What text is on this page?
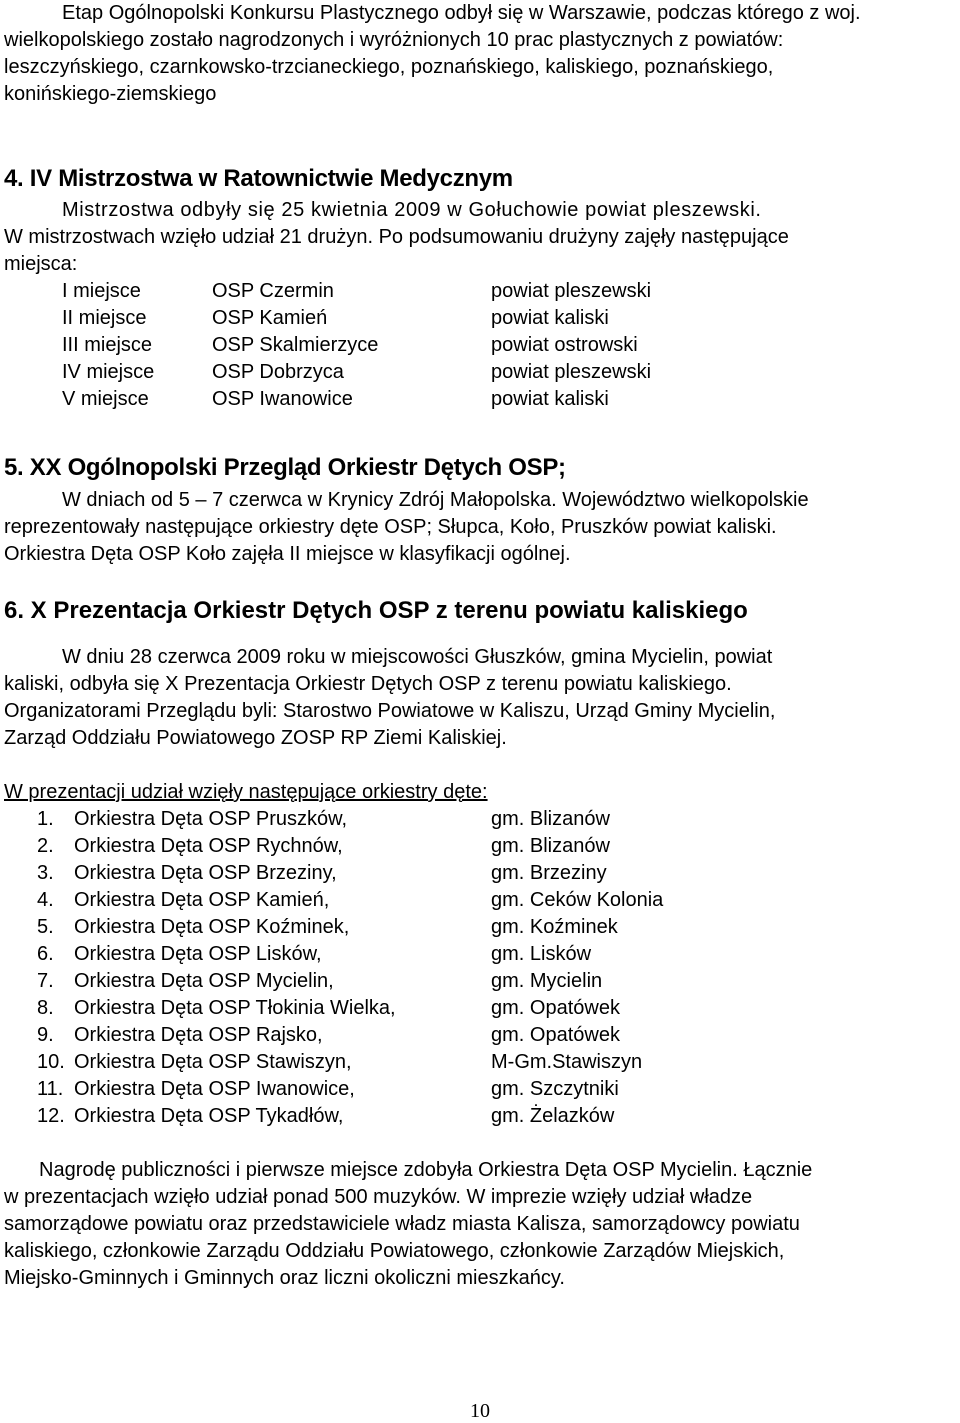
Etap Ogólnopolski Konkursu Plastycznego odbył się w Warszawie, podczas którego z woj.
wielkopolskiego zostało nagrodzonych i wyróżnionych 10 prac plastycznych z powiatów:
leszczyńskiego, czarnkowsko-trzcianeckiego, poznańskiego, kaliskiego, poznańskiego,
konińskiego-ziemskiego
4. IV Mistrzostwa w Ratownictwie Medycznym
Mistrzostwa odbyły się 25 kwietnia 2009 w Gołuchowie powiat pleszewski.
W mistrzostwach wzięło udział 21 drużyn. Po podsumowaniu drużyny zajęły następujące
miejsca:
I miejsce	OSP Czermin	powiat pleszewski
II miejsce	OSP Kamień	powiat kaliski
III miejsce	OSP Skalmierzyce	powiat ostrowski
IV miejsce	OSP Dobrzyca	powiat pleszewski
V miejsce	OSP Iwanowice	powiat kaliski
5. XX Ogólnopolski Przegląd Orkiestr Dętych OSP;
W dniach od 5 – 7 czerwca w Krynicy Zdrój Małopolska. Województwo wielkopolskie
reprezentowały następujące orkiestry dęte OSP; Słupca, Koło, Pruszków powiat kaliski.
Orkiestra Dęta OSP Koło zajęła II miejsce w klasyfikacji ogólnej.
6. X Prezentacja Orkiestr Dętych OSP z terenu powiatu kaliskiego
W dniu 28 czerwca 2009 roku w miejscowości Głuszków, gmina Mycielin, powiat
kaliski, odbyła się X Prezentacja Orkiestr Dętych OSP z terenu powiatu kaliskiego.
Organizatorami Przeglądu byli: Starostwo Powiatowe w Kaliszu, Urząd Gminy Mycielin,
Zarząd Oddziału Powiatowego ZOSP RP Ziemi Kaliskiej.
W prezentacji udział wzięły następujące orkiestry dęte:
1. Orkiestra Dęta OSP Pruszków,	gm. Blizanów
2. Orkiestra Dęta OSP Rychnów,	gm. Blizanów
3. Orkiestra Dęta OSP Brzeziny,	gm. Brzeziny
4. Orkiestra Dęta OSP Kamień,	gm. Ceków Kolonia
5. Orkiestra Dęta OSP Koźminek,	gm. Koźminek
6. Orkiestra Dęta OSP Lisków,	gm. Lisków
7. Orkiestra Dęta OSP Mycielin,	gm. Mycielin
8. Orkiestra Dęta OSP Tłokinia Wielka,	gm. Opatówek
9. Orkiestra Dęta OSP Rajsko,	gm. Opatówek
10. Orkiestra Dęta OSP Stawiszyn,	M-Gm.Stawiszyn
11. Orkiestra Dęta OSP Iwanowice,	gm. Szczytniki
12. Orkiestra Dęta OSP Tykadłów,	gm. Żelazków
Nagrodę publiczności i pierwsze miejsce zdobyła Orkiestra Dęta OSP Mycielin. Łącznie
w prezentacjach wzięło udział ponad 500 muzyków. W imprezie wzięły udział władze
samorządowe powiatu oraz przedstawiciele władz miasta Kalisza, samorządowcy powiatu
kaliskiego, członkowie Zarządu Oddziału Powiatowego, członkowie Zarządów Miejskich,
Miejsko-Gminnych i Gminnych oraz liczni okoliczni mieszkańcy.
10
